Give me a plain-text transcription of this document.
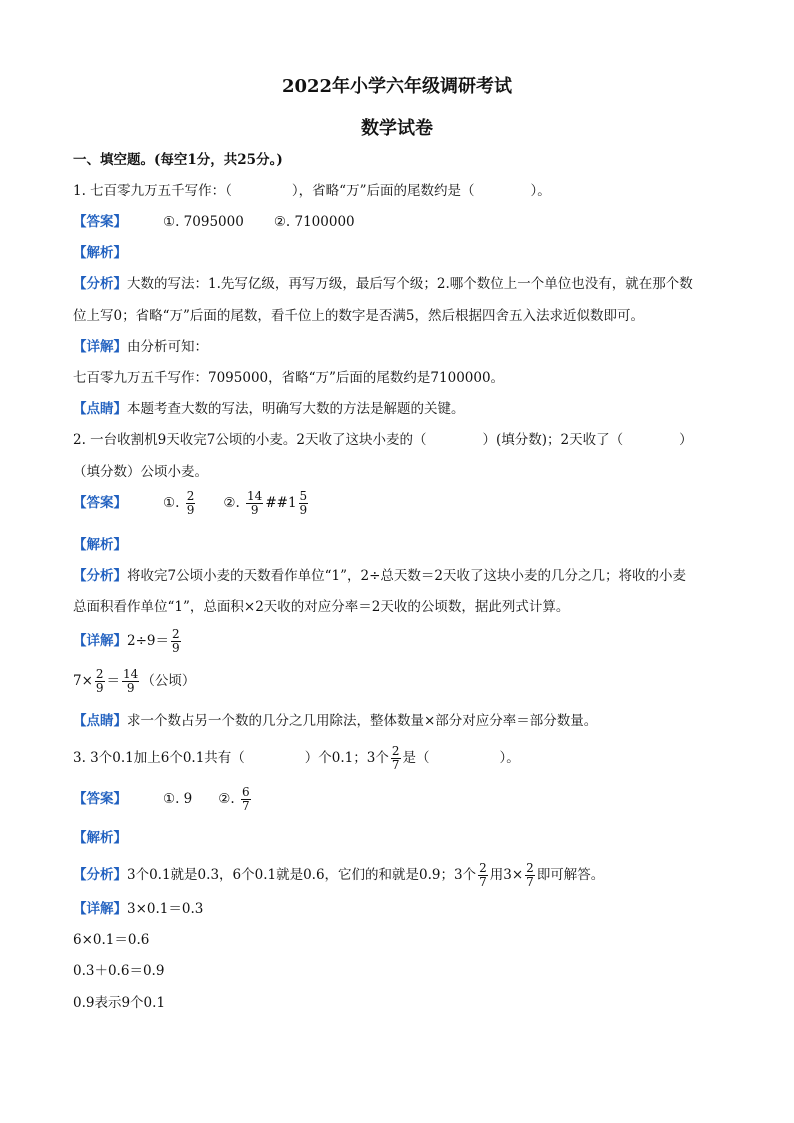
2022年小学六年级调研考试
数学试卷
一、填空题。(每空1分，共25分。)
1. 七百零九万五千写作：（	），省略“万”后面的尾数约是（	）。
【答案】	①. 7095000 ②. 7100000
【解析】
【分析】大数的写法：1.先写亿级，再写万级，最后写个级；2.哪个数位上一个单位也没有，就在那个数
位上写0；省略“万”后面的尾数，看千位上的数字是否满5，然后根据四舍五入法求近似数即可。
【详解】由分析可知：
七百零九万五千写作：7095000，省略“万”后面的尾数约是7100000。
【点睛】本题考查大数的写法，明确写大数的方法是解题的关键。
2. 一台收割机9天收完7公顷的小麦。2天收了这块小麦的（	）(填分数)；2天收了（	）
（填分数）公顷小麦。
【答案】	①. $\frac{2}{9}$ ②. $\frac{14}{9}$ ##1 $\frac{5}{9}$
【解析】
【分析】将收完7公顷小麦的天数看作单位“1”，2÷总天数＝2天收了这块小麦的几分之几；将收的小麦
总面积看作单位“1”，总面积×2天收的对应分率＝2天收的公顷数，据此列式计算。
【详解】$2\div 9= \frac{2}{9}$
$7\times \frac{2}{9} = \frac{14}{9}$ （公顷）
【点睛】求一个数占另一个数的几分之几用除法，整体数量×部分对应分率＝部分数量。
3. 3个0.1加上6个0.1共有（	）个0.1；3个 $\frac{2}{7}$ 是（	）。
【答案】	①. 9 ②. $\frac{6}{7}$
【解析】
【分析】3个0.1就是0.3，6个0.1就是0.6，它们的和就是0.9；3个 $\frac{2}{7}$ 用$3\times \frac{2}{7}$ 即可解答。
【详解】3×0.1＝0.3
6×0.1＝0.6
0.3＋0.6＝0.9
0.9表示9个0.1
